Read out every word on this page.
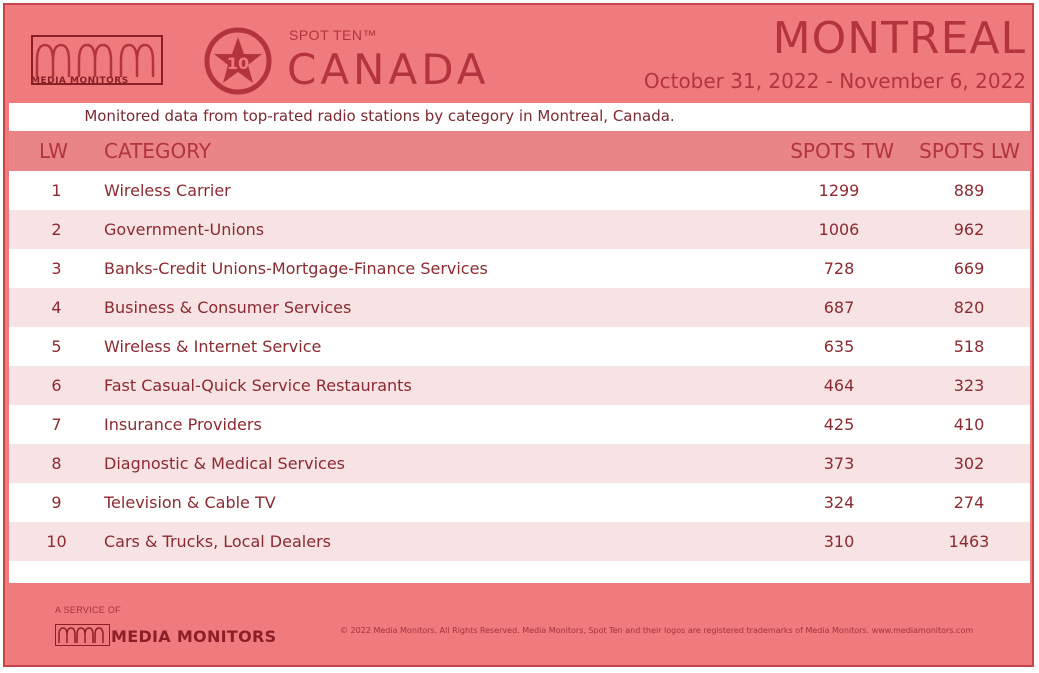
MEDIA MONITORS
10
SPOT TEN™
CANADA
MONTREAL
October 31, 2022 - November 6, 2022
Monitored data from top-rated radio stations by category in Montreal, Canada.
LW CATEGORY	SPOTS TW SPOTS LW
1	Wireless Carrier	1299	889
2	Government-Unions	1006	962
3	Banks-Credit Unions-Mortgage-Finance Services	728	669
4	Business & Consumer Services	687	820
5	Wireless & Internet Service	635	518
6	Fast Casual-Quick Service Restaurants	464	323
7	Insurance Providers	425	410
8	Diagnostic & Medical Services	373	302
9	Television & Cable TV	324	274
10	Cars & Trucks, Local Dealers	310	1463
A SERVICE OF
MEDIA MONITORS	© 2022 Media Monitors. All Rights Reserved. Media Monitors, Spot Ten and their logos are registered trademarks of Media Monitors. www.mediamonitors.com
